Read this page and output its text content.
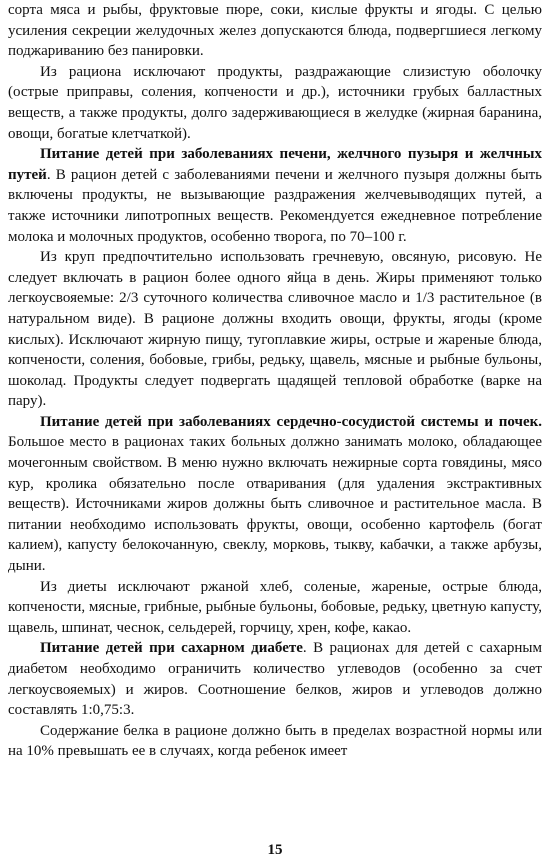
сорта мяса и рыбы, фруктовые пюре, соки, кислые фрукты и ягоды. С целью усиления секреции желудочных желез допускаются блюда, подвергшиеся легкому поджариванию без панировки.

Из рациона исключают продукты, раздражающие слизистую оболочку (острые приправы, соления, копчености и др.), источники грубых балластных веществ, а также продукты, долго задерживающиеся в желудке (жирная баранина, овощи, богатые клетчаткой).

Питание детей при заболеваниях печени, желчного пузыря и желчных путей. В рацион детей с заболеваниями печени и желчного пузыря должны быть включены продукты, не вызывающие раздражения желчевыводящих путей, а также источники липотропных веществ. Рекомендуется ежедневное потребление молока и молочных продуктов, особенно творога, по 70–100 г.

Из круп предпочтительно использовать гречневую, овсяную, рисовую. Не следует включать в рацион более одного яйца в день. Жиры применяют только легкоусвояемые: 2/3 суточного количества сливочное масло и 1/3 растительное (в натуральном виде). В рационе должны входить овощи, фрукты, ягоды (кроме кислых). Исключают жирную пищу, тугоплавкие жиры, острые и жареные блюда, копчености, соления, бобовые, грибы, редьку, щавель, мясные и рыбные бульоны, шоколад. Продукты следует подвергать щадящей тепловой обработке (варке на пару).

Питание детей при заболеваниях сердечно-сосудистой системы и почек. Большое место в рационах таких больных должно занимать молоко, обладающее мочегонным свойством. В меню нужно включать нежирные сорта говядины, мясо кур, кролика обязательно после отваривания (для удаления экстрактивных веществ). Источниками жиров должны быть сливочное и растительное масла. В питании необходимо использовать фрукты, овощи, особенно картофель (богат калием), капусту белокочанную, свеклу, морковь, тыкву, кабачки, а также арбузы, дыни.

Из диеты исключают ржаной хлеб, соленые, жареные, острые блюда, копчености, мясные, грибные, рыбные бульоны, бобовые, редьку, цветную капусту, щавель, шпинат, чеснок, сельдерей, горчицу, хрен, кофе, какао.

Питание детей при сахарном диабете. В рационах для детей с сахарным диабетом необходимо ограничить количество углеводов (особенно за счет легкоусвояемых) и жиров. Соотношение белков, жиров и углеводов должно составлять 1:0,75:3.

Содержание белка в рационе должно быть в пределах возрастной нормы или на 10% превышать ее в случаях, когда ребенок имеет

15
